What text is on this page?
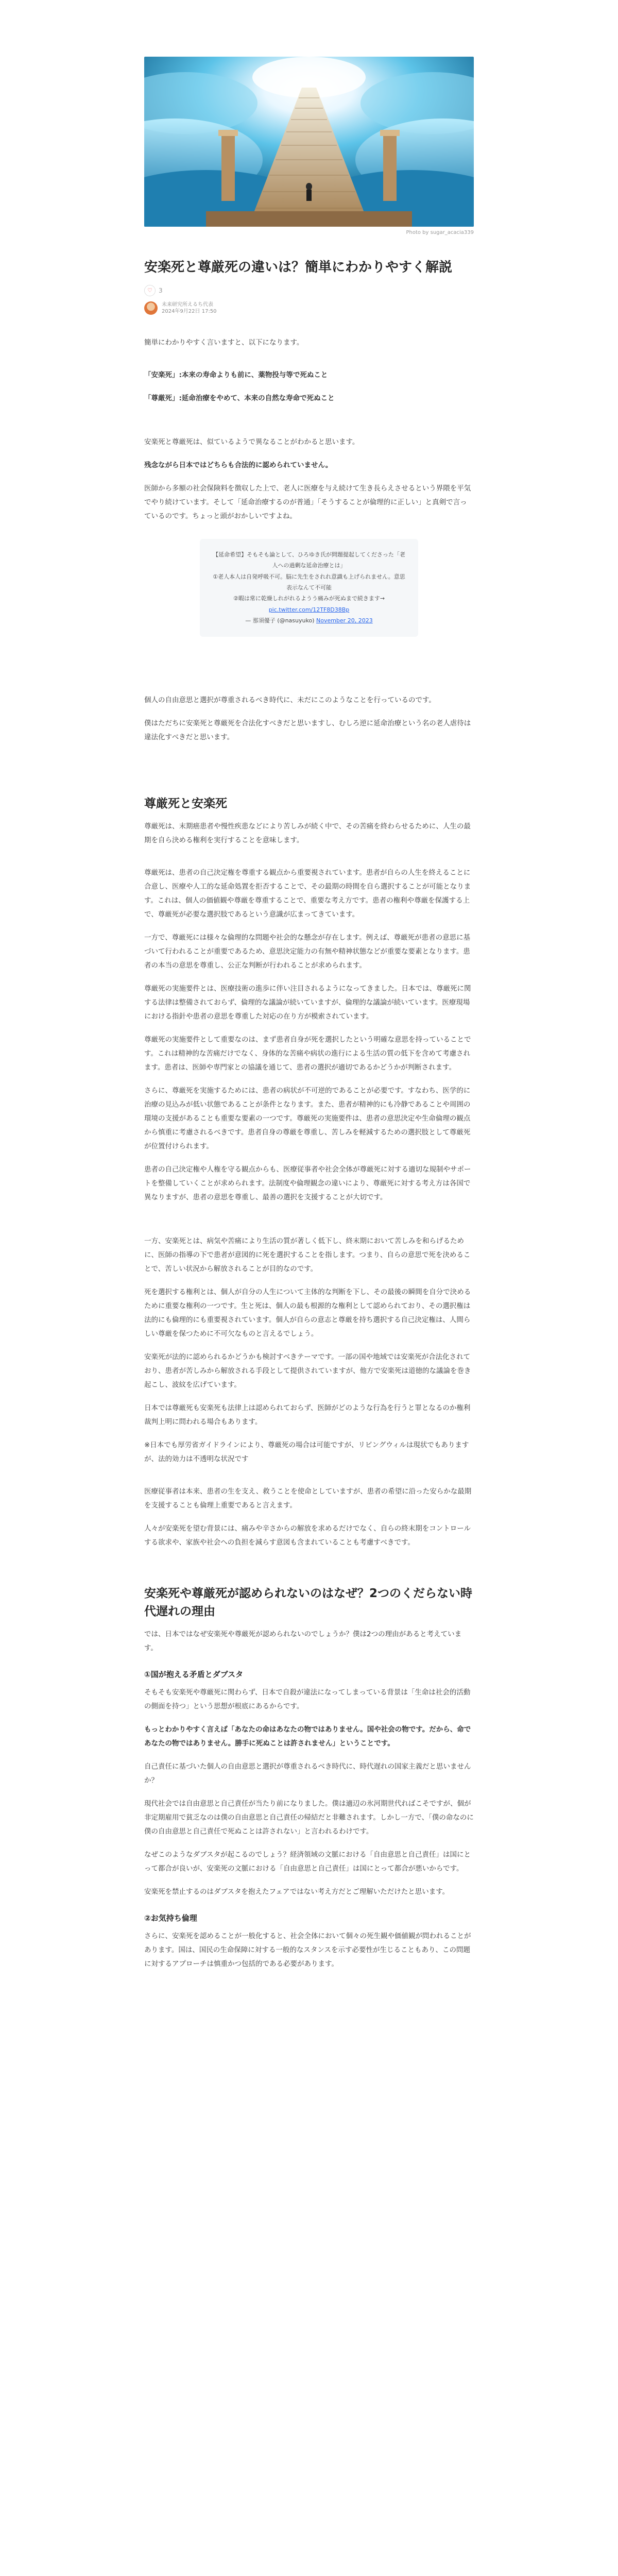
Photo by sugar_acacia339
安楽死と尊厳死の違いは？簡単にわかりやすく解説
♡	3
未来研究所えるち代表
2024年9月22日 17:50

簡単にわかりやすく言いますと、以下になります。

「安楽死」:本来の寿命よりも前に、薬物投与等で死ぬこと

「尊厳死」:延命治療をやめて、本来の自然な寿命で死ぬこと

安楽死と尊厳死は、似ているようで異なることがわかると思います。

残念ながら日本ではどちらも合法的に認められていません。

医師から多額の社会保険料を徴収した上で、老人に医療を与え続けて生き長らえさせるという界隈を平気でやり続けています。そして「延命治療するのが普通」「そうすることが倫理的に正しい」と真剣で言っているのです。ちょっと頭がおかしいですよね。

【延命希望】そもそも論として、ひろゆき氏が問題提起してくださった「老人への過剰な延命治療とは」
①老人本人は自発呼吸不可。脳に先生をされれ意識も上げられません。意思表示なんて不可能
②暇は常に乾燥しれがれるようう痛みが死ぬまで続きます→
pic.twitter.com/12TF8D38Bp
— 那須優子 (@nasuyuko) November 20, 2023

個人の自由意思と選択が尊重されるべき時代に、未だにこのようなことを行っているのです。

僕はただちに安楽死と尊厳死を合法化すべきだと思いますし、むしろ逆に延命治療という名の老人虐待は違法化すべきだと思います。

尊厳死と安楽死

尊厳死は、末期癌患者や慢性疾患などにより苦しみが続く中で、その苦痛を終わらせるために、人生の最期を自ら決める権利を実行することを意味します。

尊厳死は、患者の自己決定権を尊重する観点から重要視されています。患者が自らの人生を終えることに合意し、医療や人工的な延命処置を拒否することで、その最期の時間を自ら選択することが可能となります。これは、個人の価値観や尊厳を尊重することで、重要な考え方です。患者の権利や尊厳を保護する上で、尊厳死が必要な選択肢であるという意識が広まってきています。

一方で、尊厳死には様々な倫理的な問題や社会的な懸念が存在します。例えば、尊厳死が患者の意思に基づいて行われることが重要であるため、意思決定能力の有無や精神状態などが重要な要素となります。患者の本当の意思を尊重し、公正な判断が行われることが求められます。

尊厳死の実施要件とは、医療技術の進歩に伴い注目されるようになってきました。日本では、尊厳死に関する法律は整備されておらず、倫理的な議論が続いていますが、倫理的な議論が続いています。医療現場における指針や患者の意思を尊重した対応の在り方が模索されています。

尊厳死の実施要件として重要なのは、まず患者自身が死を選択したという明確な意思を持っていることです。これは精神的な苦痛だけでなく、身体的な苦痛や病状の進行による生活の質の低下を含めて考慮されます。患者は、医師や専門家との協議を通じて、患者の選択が適切であるかどうかが判断されます。

さらに、尊厳死を実施するためには、患者の病状が不可逆的であることが必要です。すなわち、医学的に治療の見込みが低い状態であることが条件となります。また、患者が精神的にも冷静であることや周囲の環境の支援があることも重要な要素の一つです。尊厳死の実施要件は、患者の意思決定や生命倫理の観点から慎重に考慮されるべきです。患者自身の尊厳を尊重し、苦しみを軽減するための選択肢として尊厳死が位置付けられます。

患者の自己決定権や人権を守る観点からも、医療従事者や社会全体が尊厳死に対する適切な規制やサポートを整備していくことが求められます。法制度や倫理観念の違いにより、尊厳死に対する考え方は各国で異なりますが、患者の意思を尊重し、最善の選択を支援することが大切です。

一方、安楽死とは、病気や苦痛により生活の質が著しく低下し、終末期において苦しみを和らげるために、医師の指導の下で患者が意図的に死を選択することを指します。つまり、自らの意思で死を決めることで、苦しい状況から解放されることが目的なのです。

死を選択する権利とは、個人が自分の人生について主体的な判断を下し、その最後の瞬間を自分で決めるために重要な権利の一つです。生と死は、個人の最も根源的な権利として認められており、その選択権は法的にも倫理的にも重要視されています。個人が自らの意志と尊厳を持ち選択する自己決定権は、人間らしい尊厳を保つために不可欠なものと言えるでしょう。

安楽死が法的に認められるかどうかも検討すべきテーマです。一部の国や地域では安楽死が合法化されており、患者が苦しみから解放される手段として提供されていますが、他方で安楽死は道徳的な議論を巻き起こし、波紋を広げています。

日本では尊厳死も安楽死も法律上は認められておらず、医師がどのような行為を行うと罪となるのか権利裁判上明に問われる場合もあります。

※日本でも厚労省ガイドラインにより、尊厳死の場合は可能ですが、リビングウィルは現状でもありますが、法的効力は不透明な状況です

医療従事者は本来、患者の生を支え、救うことを使命としていますが、患者の希望に沿った安らかな最期を支援することも倫理上重要であると言えます。

人々が安楽死を望む背景には、痛みや辛さからの解放を求めるだけでなく、自らの終末期をコントロールする欲求や、家族や社会への負担を減らす意図も含まれていることも考慮すべきです。

安楽死や尊厳死が認められないのはなぜ？2つのくだらない時代遅れの理由

では、日本ではなぜ安楽死や尊厳死が認められないのでしょうか？僕は2つの理由があると考えています。

①国が抱える矛盾とダブスタ

そもそも安楽死や尊厳死に関わらず、日本で自殺が違法になってしまっている背景は「生命は社会的活動の側面を持つ」という思想が根底にあるからです。

もっとわかりやすく言えば「あなたの命はあなたの物ではありません。国や社会の物です。だから、命であなたの物ではありません。勝手に死ぬことは許されません」ということです。

自己責任に基づいた個人の自由意思と選択が尊重されるべき時代に、時代遅れの国家主義だと思いませんか？

現代社会では自由意思と自己責任が当たり前になりました。僕は適辺の氷河期世代ればこそですが、個が非定期雇用で貧乏なのは僕の自由意思と自己責任の帰結だと非難されます。しかし一方で、「僕の命なのに僕の自由意思と自己責任で死ぬことは許されない」と言われるわけです。

なぜこのようなダブスタが起こるのでしょう？経済領域の文脈における「自由意思と自己責任」は国にとって都合が良いが、安楽死の文脈における「自由意思と自己責任」は国にとって都合が悪いからです。

安楽死を禁止するのはダブスタを抱えたフェアではない考え方だとご理解いただけたと思います。

②お気持ち倫理

さらに、安楽死を認めることが一般化すると、社会全体において個々の死生観や価値観が問われることがあります。国は、国民の生命保障に対する一般的なスタンスを示す必要性が生じることもあり、この問題に対するアプローチは慎重かつ包括的である必要があります。
